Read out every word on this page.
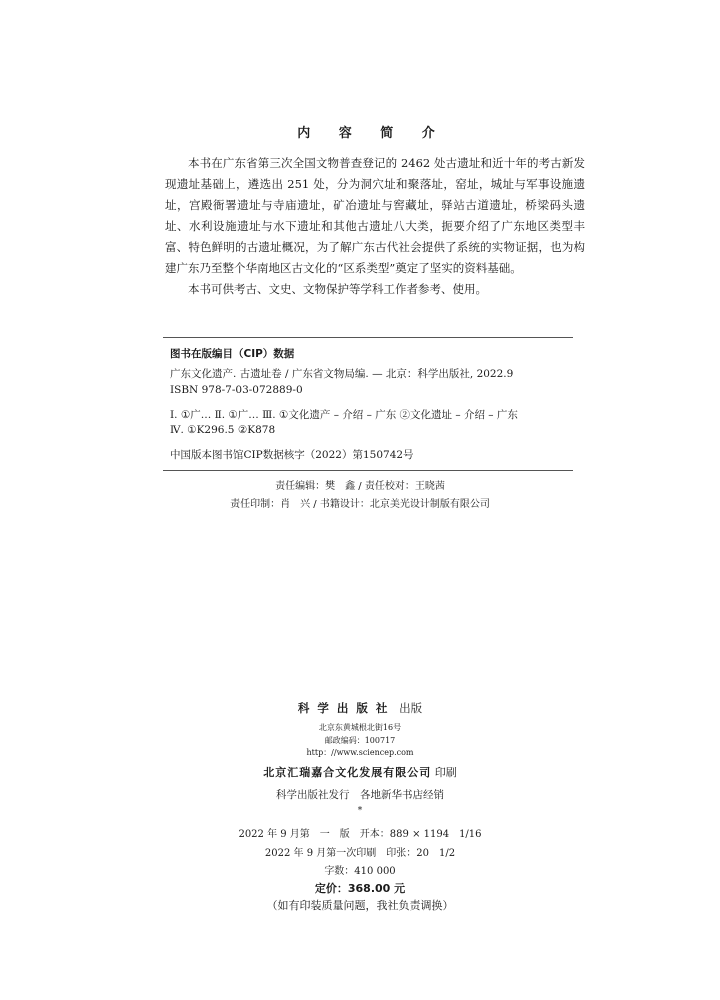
内 容 简 介

本书在广东省第三次全国文物普查登记的 2462 处古遗址和近十年的考古新发现遗址基础上，遴选出 251 处，分为洞穴址和聚落址，窑址，城址与军事设施遗址，宫殿衙署遗址与寺庙遗址，矿冶遗址与窖藏址，驿站古道遗址，桥梁码头遗址、水利设施遗址与水下遗址和其他古遗址八大类，扼要介绍了广东地区类型丰富、特色鲜明的古遗址概况，为了解广东古代社会提供了系统的实物证据，也为构建广东乃至整个华南地区古文化的“区系类型”奠定了坚实的资料基础。

本书可供考古、文史、文物保护等学科工作者参考、使用。

图书在版编目（CIP）数据
广东文化遗产. 古遗址卷 / 广东省文物局编. — 北京：科学出版社, 2022.9
ISBN 978-7-03-072889-0
Ⅰ. ①广… Ⅱ. ①广… Ⅲ. ①文化遗产 – 介绍 – 广东 ②文化遗址 – 介绍 – 广东
Ⅳ. ①K296.5 ②K878
中国版本图书馆CIP数据核字（2022）第150742号
责任编辑：樊　鑫 / 责任校对：王晓茜
责任印制：肖　兴 / 书籍设计：北京美光设计制版有限公司
科学出版社 出版
北京东黄城根北街16号
邮政编码：100717
http：//www.sciencep.com
北京汇瑞嘉合文化发展有限公司 印刷
科学出版社发行　各地新华书店经销
*
2022 年 9 月第　一　版　开本：889 × 1194　1/16
2022 年 9 月第一次印刷　印张：20　1/2
字数：410 000
定价：368.00 元
（如有印装质量问题，我社负责调换）
